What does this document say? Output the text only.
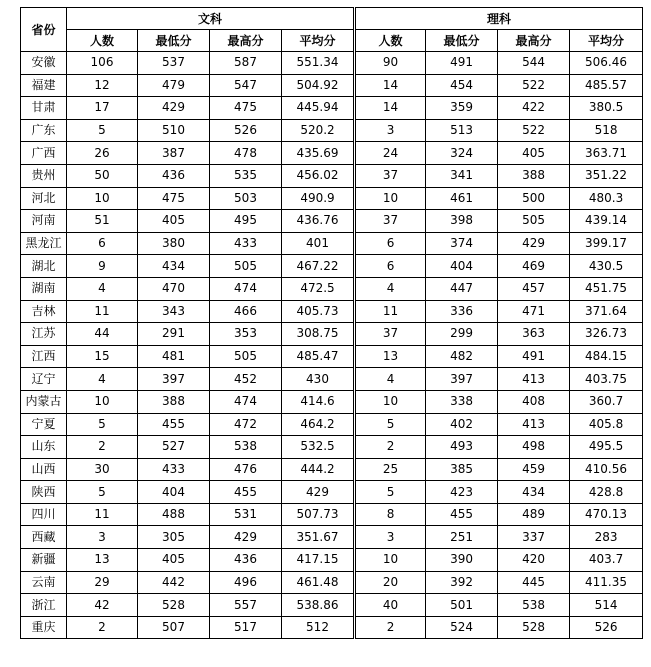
省份	文科				理科			
	人数	最低分	最高分	平均分	人数	最低分	最高分	平均分
安徽	106	537	587	551.34	90	491	544	506.46
福建	12	479	547	504.92	14	454	522	485.57
甘肃	17	429	475	445.94	14	359	422	380.5
广东	5	510	526	520.2	3	513	522	518
广西	26	387	478	435.69	24	324	405	363.71
贵州	50	436	535	456.02	37	341	388	351.22
河北	10	475	503	490.9	10	461	500	480.3
河南	51	405	495	436.76	37	398	505	439.14
黑龙江	6	380	433	401	6	374	429	399.17
湖北	9	434	505	467.22	6	404	469	430.5
湖南	4	470	474	472.5	4	447	457	451.75
吉林	11	343	466	405.73	11	336	471	371.64
江苏	44	291	353	308.75	37	299	363	326.73
江西	15	481	505	485.47	13	482	491	484.15
辽宁	4	397	452	430	4	397	413	403.75
内蒙古	10	388	474	414.6	10	338	408	360.7
宁夏	5	455	472	464.2	5	402	413	405.8
山东	2	527	538	532.5	2	493	498	495.5
山西	30	433	476	444.2	25	385	459	410.56
陕西	5	404	455	429	5	423	434	428.8
四川	11	488	531	507.73	8	455	489	470.13
西藏	3	305	429	351.67	3	251	337	283
新疆	13	405	436	417.15	10	390	420	403.7
云南	29	442	496	461.48	20	392	445	411.35
浙江	42	528	557	538.86	40	501	538	514
重庆	2	507	517	512	2	524	528	526
